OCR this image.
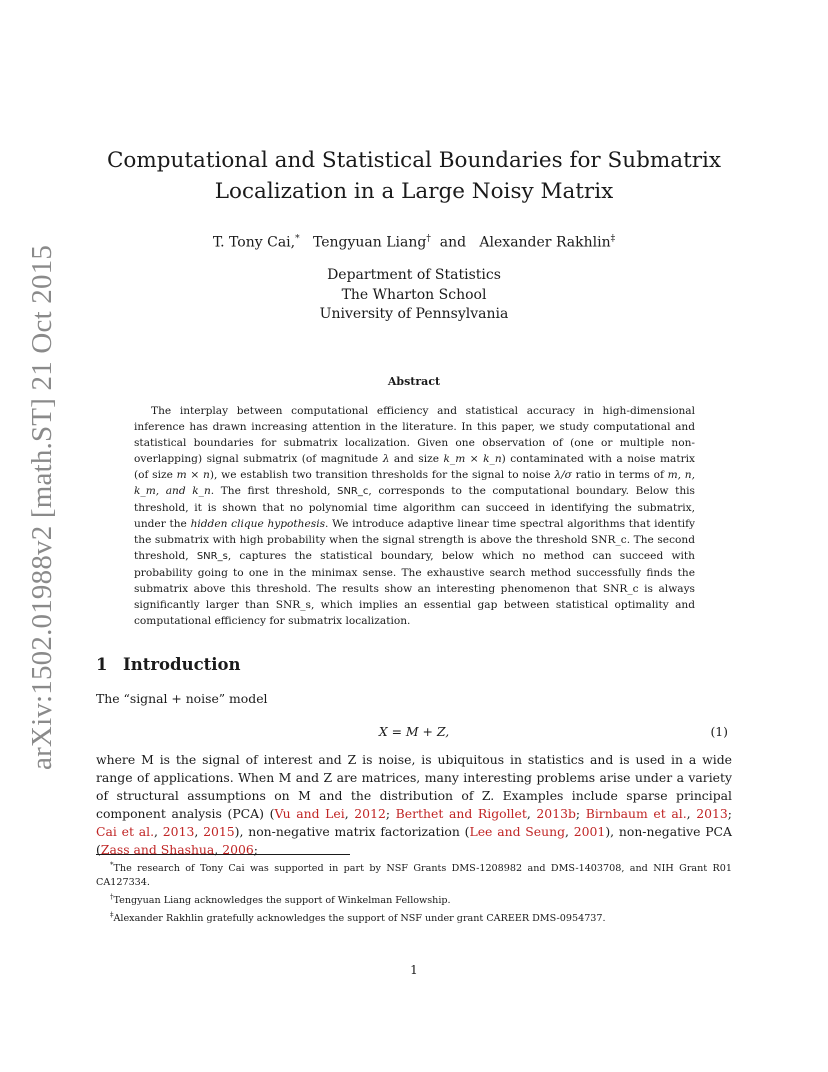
arXiv:1502.01988v2 [math.ST] 21 Oct 2015
Computational and Statistical Boundaries for Submatrix
Localization in a Large Noisy Matrix
T. Tony Cai,* Tengyuan Liang† and Alexander Rakhlin‡
Department of Statistics
The Wharton School
University of Pennsylvania
Abstract
The interplay between computational efficiency and statistical accuracy in high-dimensional inference has drawn increasing attention in the literature. In this paper, we study computational and statistical boundaries for submatrix localization. Given one observation of (one or multiple non-overlapping) signal submatrix (of magnitude λ and size k_m × k_n) contaminated with a noise matrix (of size m × n), we establish two transition thresholds for the signal to noise λ/σ ratio in terms of m, n, k_m, and k_n. The first threshold, SNR_c, corresponds to the computational boundary. Below this threshold, it is shown that no polynomial time algorithm can succeed in identifying the submatrix, under the hidden clique hypothesis. We introduce adaptive linear time spectral algorithms that identify the submatrix with high probability when the signal strength is above the threshold SNR_c. The second threshold, SNR_s, captures the statistical boundary, below which no method can succeed with probability going to one in the minimax sense. The exhaustive search method successfully finds the submatrix above this threshold. The results show an interesting phenomenon that SNR_c is always significantly larger than SNR_s, which implies an essential gap between statistical optimality and computational efficiency for submatrix localization.
1 Introduction
The “signal + noise” model
X = M + Z,	(1)
where M is the signal of interest and Z is noise, is ubiquitous in statistics and is used in a wide range of applications. When M and Z are matrices, many interesting problems arise under a variety of structural assumptions on M and the distribution of Z. Examples include sparse principal component analysis (PCA) (Vu and Lei, 2012; Berthet and Rigollet, 2013b; Birnbaum et al., 2013; Cai et al., 2013, 2015), non-negative matrix factorization (Lee and Seung, 2001), non-negative PCA (Zass and Shashua, 2006;
*The research of Tony Cai was supported in part by NSF Grants DMS-1208982 and DMS-1403708, and NIH Grant R01 CA127334.
†Tengyuan Liang acknowledges the support of Winkelman Fellowship.
‡Alexander Rakhlin gratefully acknowledges the support of NSF under grant CAREER DMS-0954737.
1
